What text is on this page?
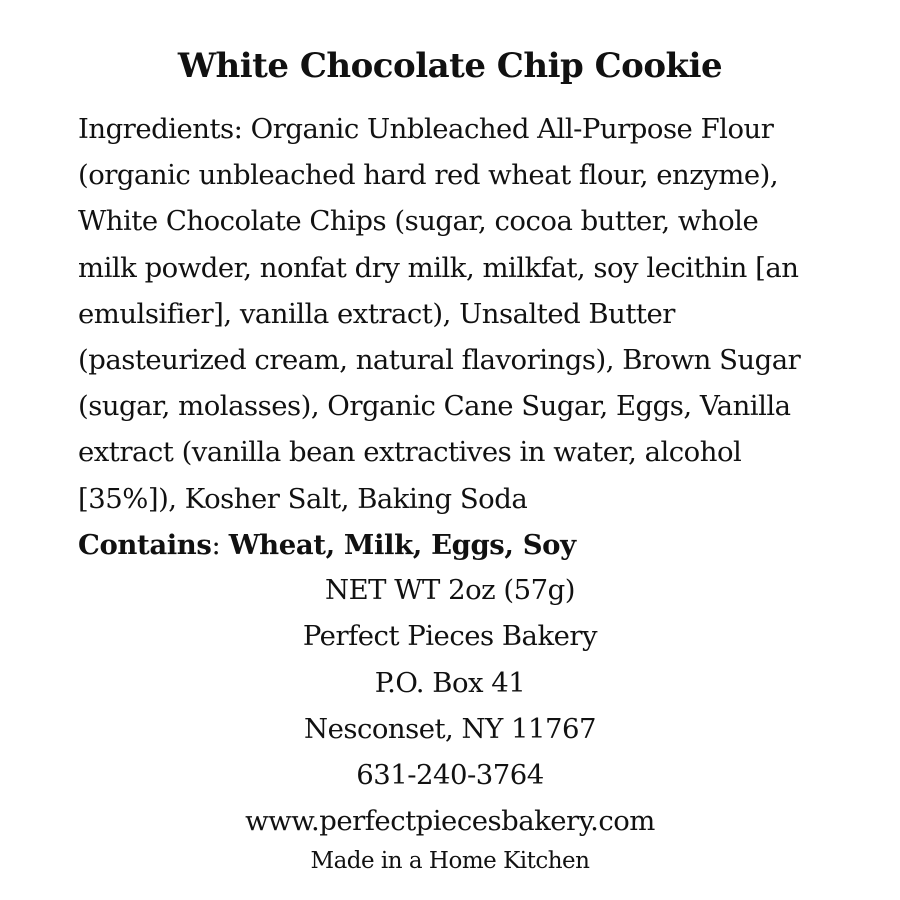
White Chocolate Chip Cookie
Ingredients: Organic Unbleached All-Purpose Flour
(organic unbleached hard red wheat flour, enzyme),
White Chocolate Chips (sugar, cocoa butter, whole
milk powder, nonfat dry milk, milkfat, soy lecithin [an
emulsifier], vanilla extract), Unsalted Butter
(pasteurized cream, natural flavorings), Brown Sugar
(sugar, molasses), Organic Cane Sugar, Eggs, Vanilla
extract (vanilla bean extractives in water, alcohol
[35%]), Kosher Salt, Baking Soda

Contains: Wheat, Milk, Eggs, Soy

NET WT 2oz (57g)

Perfect Pieces Bakery

P.O. Box 41

Nesconset, NY 11767

631-240-3764

www.perfectpiecesbakery.com

Made in a Home Kitchen
